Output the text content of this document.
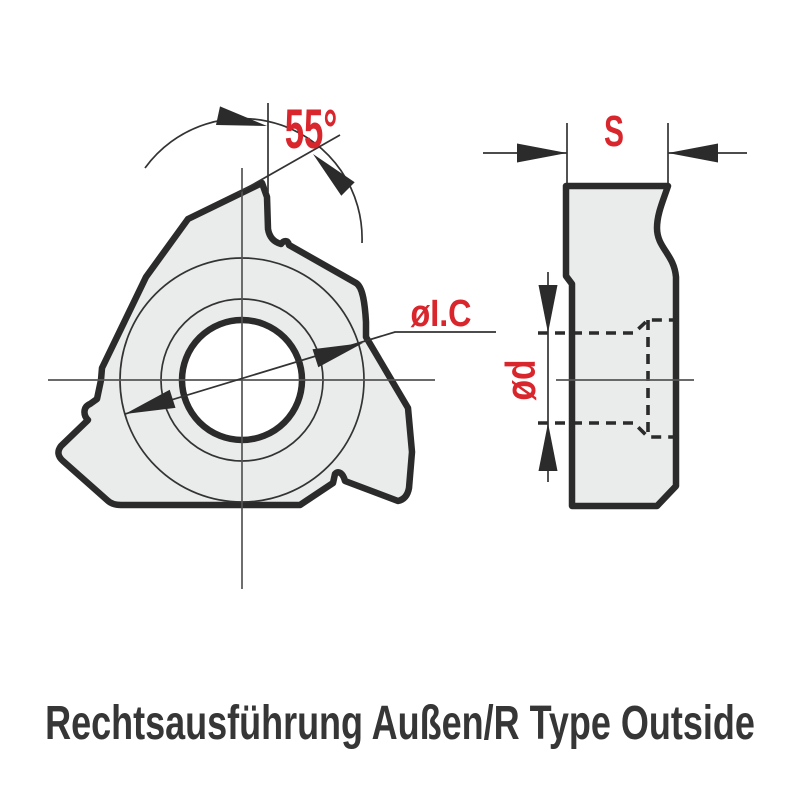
55°
øI.C
ød
S
Rechtsausführung Außen/R Type Outside
